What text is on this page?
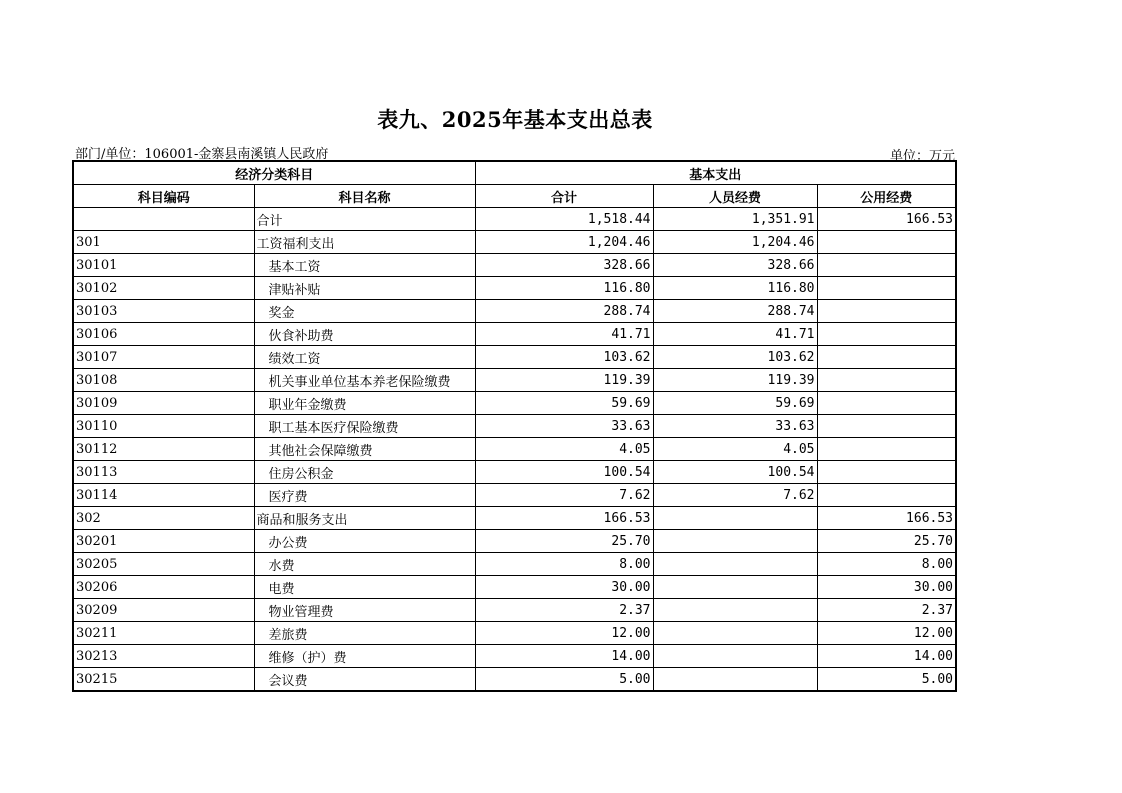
表九、2025年基本支出总表
部门/单位：106001-金寨县南溪镇人民政府	单位：万元
经济分类科目		基本支出		
科目编码	科目名称	合计	人员经费	公用经费
	合计	1,518.44	1,351.91	166.53
301	工资福利支出	1,204.46	1,204.46	
30101	基本工资	328.66	328.66	
30102	津贴补贴	116.80	116.80	
30103	奖金	288.74	288.74	
30106	伙食补助费	41.71	41.71	
30107	绩效工资	103.62	103.62	
30108	机关事业单位基本养老保险缴费	119.39	119.39	
30109	职业年金缴费	59.69	59.69	
30110	职工基本医疗保险缴费	33.63	33.63	
30112	其他社会保障缴费	4.05	4.05	
30113	住房公积金	100.54	100.54	
30114	医疗费	7.62	7.62	
302	商品和服务支出	166.53		166.53
30201	办公费	25.70		25.70
30205	水费	8.00		8.00
30206	电费	30.00		30.00
30209	物业管理费	2.37		2.37
30211	差旅费	12.00		12.00
30213	维修（护）费	14.00		14.00
30215	会议费	5.00		5.00
